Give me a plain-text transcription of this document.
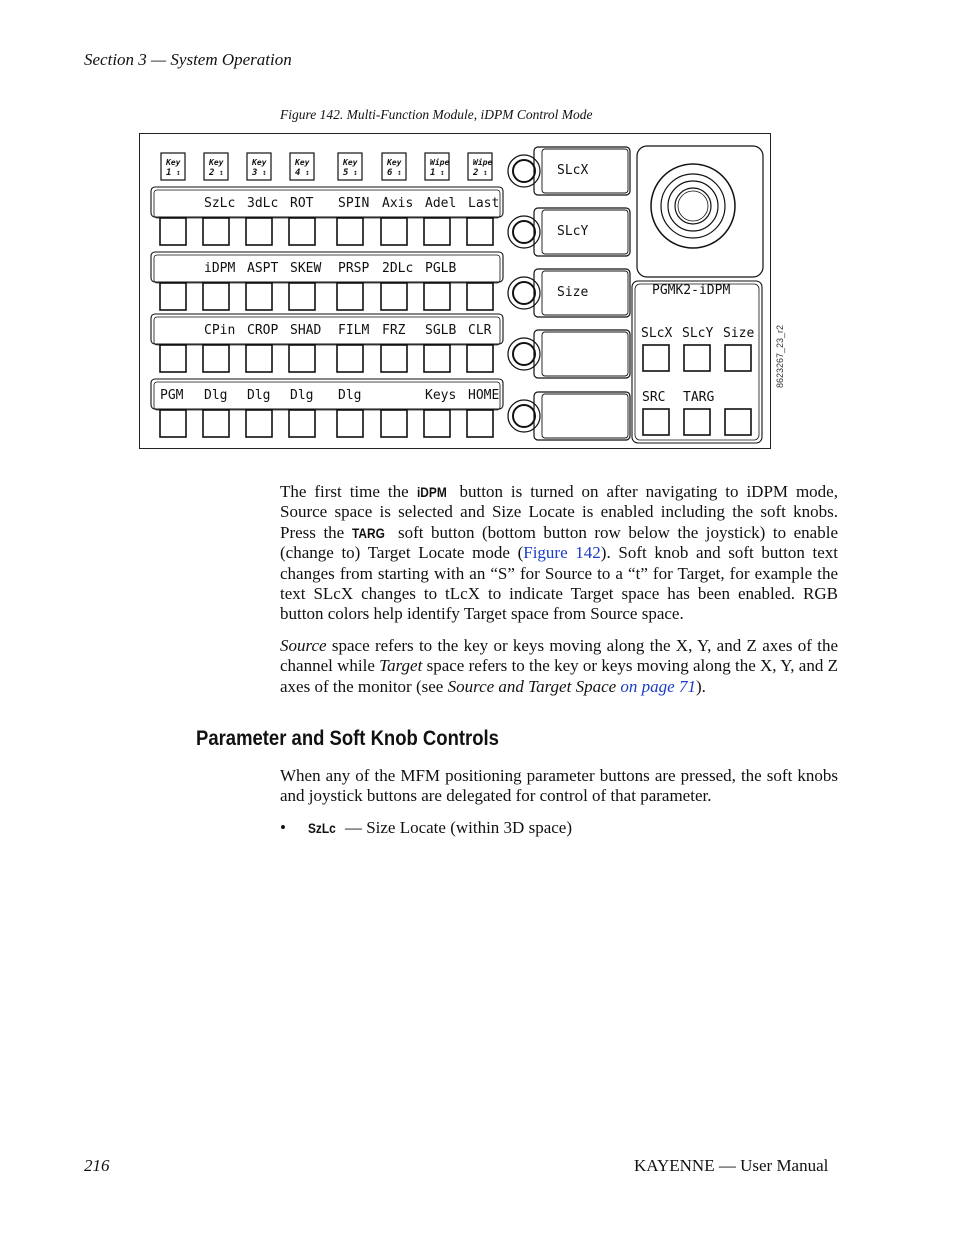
Section 3 — System Operation
Figure 142. Multi-Function Module, iDPM Control Mode
Key
1 ↕
Key
2 ↕
Key
3 ↕
Key
4 ↕
Key
5 ↕
Key
6 ↕
Wipe
1 ↕
Wipe
2 ↕
SzLc 3dLc ROT SPIN Axis Adel Last
iDPM ASPT SKEW PRSP 2DLc PGLB
CPin CROP SHAD FILM FRZ SGLB CLR
PGM Dlg Dlg Dlg Dlg	Keys HOME
SLcX
SLcY
Size	PGMK2-iDPM
SLcX SLcY Size
SRC TARG
8623267_23_r2

The first time the iDPM button is turned on after navigating to iDPM mode, Source space is selected and Size Locate is enabled including the soft knobs. Press the TARG soft button (bottom button row below the joystick) to enable (change to) Target Locate mode (Figure 142). Soft knob and soft button text changes from starting with an “S” for Source to a “t” for Target, for example the text SLcX changes to tLcX to indicate Target space has been enabled. RGB button colors help identify Target space from Source space.

Source space refers to the key or keys moving along the X, Y, and Z axes of the channel while Target space refers to the key or keys moving along the X, Y, and Z axes of the monitor (see Source and Target Space on page 71).

Parameter and Soft Knob Controls

When any of the MFM positioning parameter buttons are pressed, the soft knobs and joystick buttons are delegated for control of that parameter.

• SzLc — Size Locate (within 3D space)
216	KAYENNE — User Manual
